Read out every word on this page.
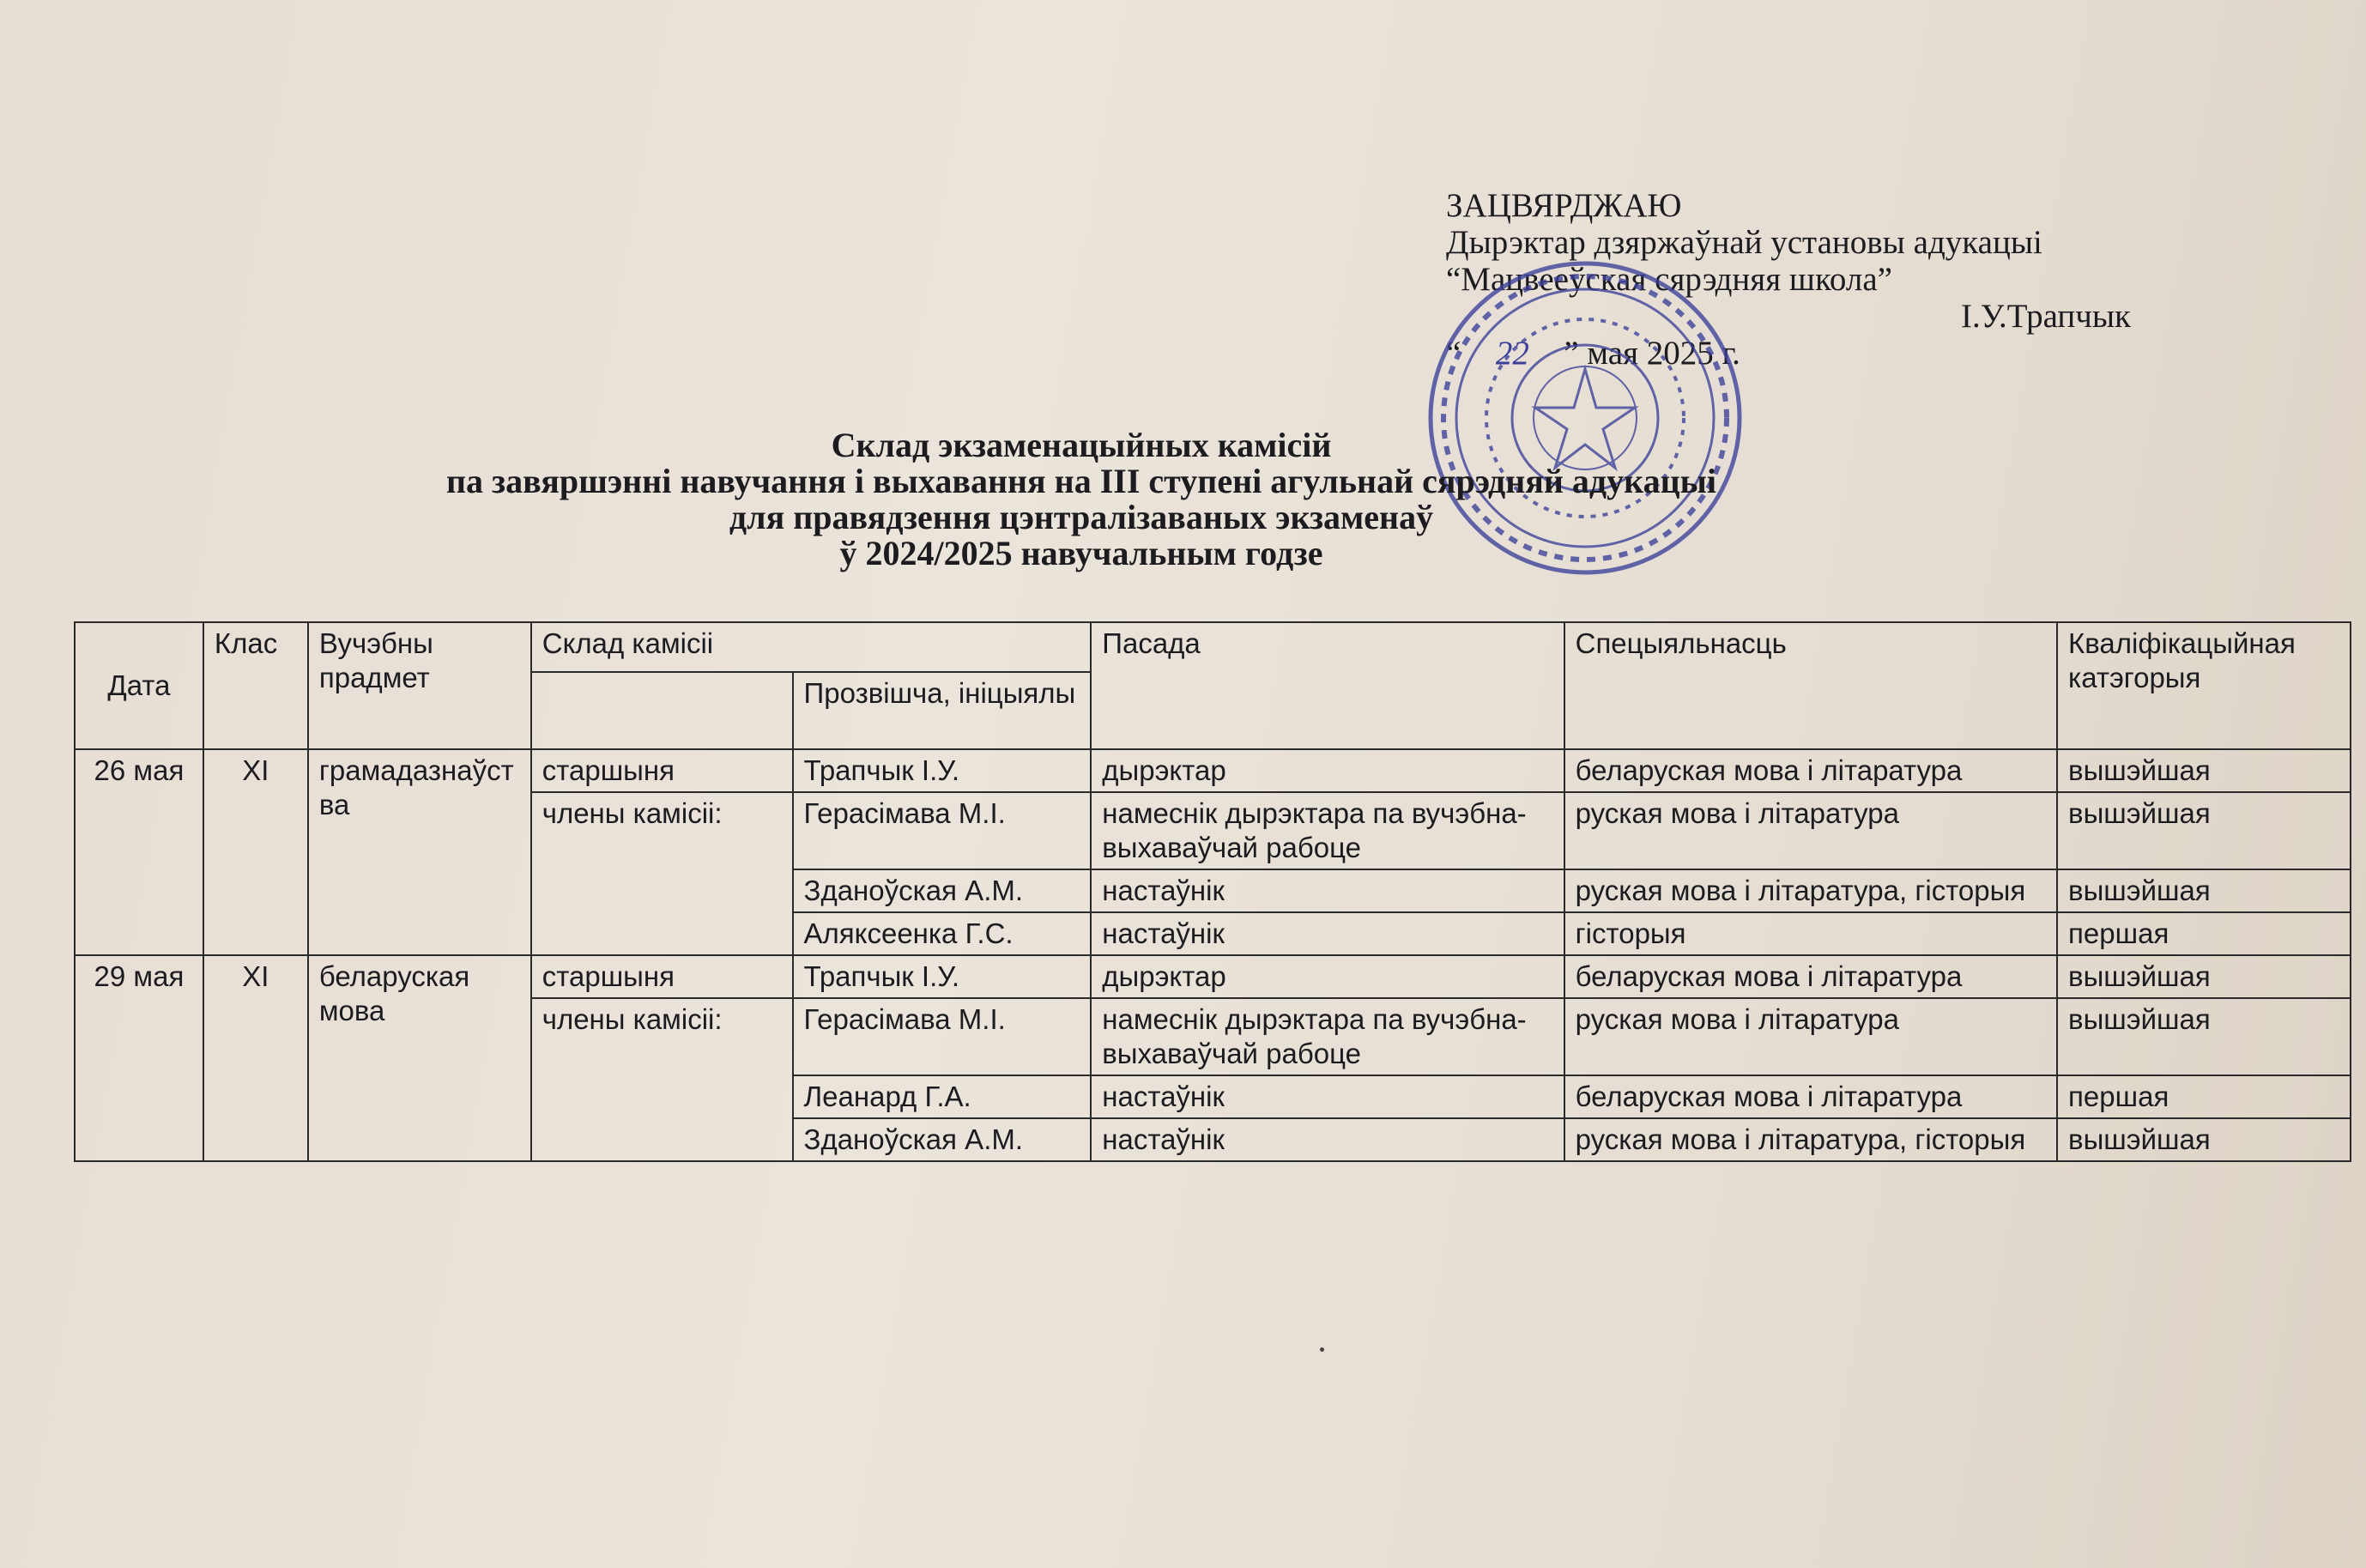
ЗАЦВЯРДЖАЮ
Дырэктар дзяржаўнай установы адукацыі
“Мацвееўская сярэдняя школа”
І.У.Трапчык
“ 22 ” мая 2025 г.
Склад экзаменацыйных камісій
па завяршэнні навучання і выхавання на ІІІ ступені агульнай сярэдняй адукацыі
для правядзення цэнтралізаваных экзаменаў
ў 2024/2025 навучальным годзе
Дата	Клас	Вучэбны прадмет	Склад камісіі		Пасада	Спецыяльнасць	Кваліфікацыйная катэгорыя
				Прозвішча, ініцыялы			
26 мая	XI	грамадазнаўства	старшыня	Трапчык І.У.	дырэктар	беларуская мова і літаратура	вышэйшая
			члены камісіі:	Герасімава М.І.	намеснік дырэктара па вучэбна-выхаваўчай рабоце	руская мова і літаратура	вышэйшая
				Зданоўская А.М.	настаўнік	руская мова і літаратура, гісторыя	вышэйшая
				Аляксеенка Г.С.	настаўнік	гісторыя	першая
29 мая	XI	беларуская мова	старшыня	Трапчык І.У.	дырэктар	беларуская мова і літаратура	вышэйшая
			члены камісіі:	Герасімава М.І.	намеснік дырэктара па вучэбна-выхаваўчай рабоце	руская мова і літаратура	вышэйшая
				Леанард Г.А.	настаўнік	беларуская мова і літаратура	першая
				Зданоўская А.М.	настаўнік	руская мова і літаратура, гісторыя	вышэйшая
